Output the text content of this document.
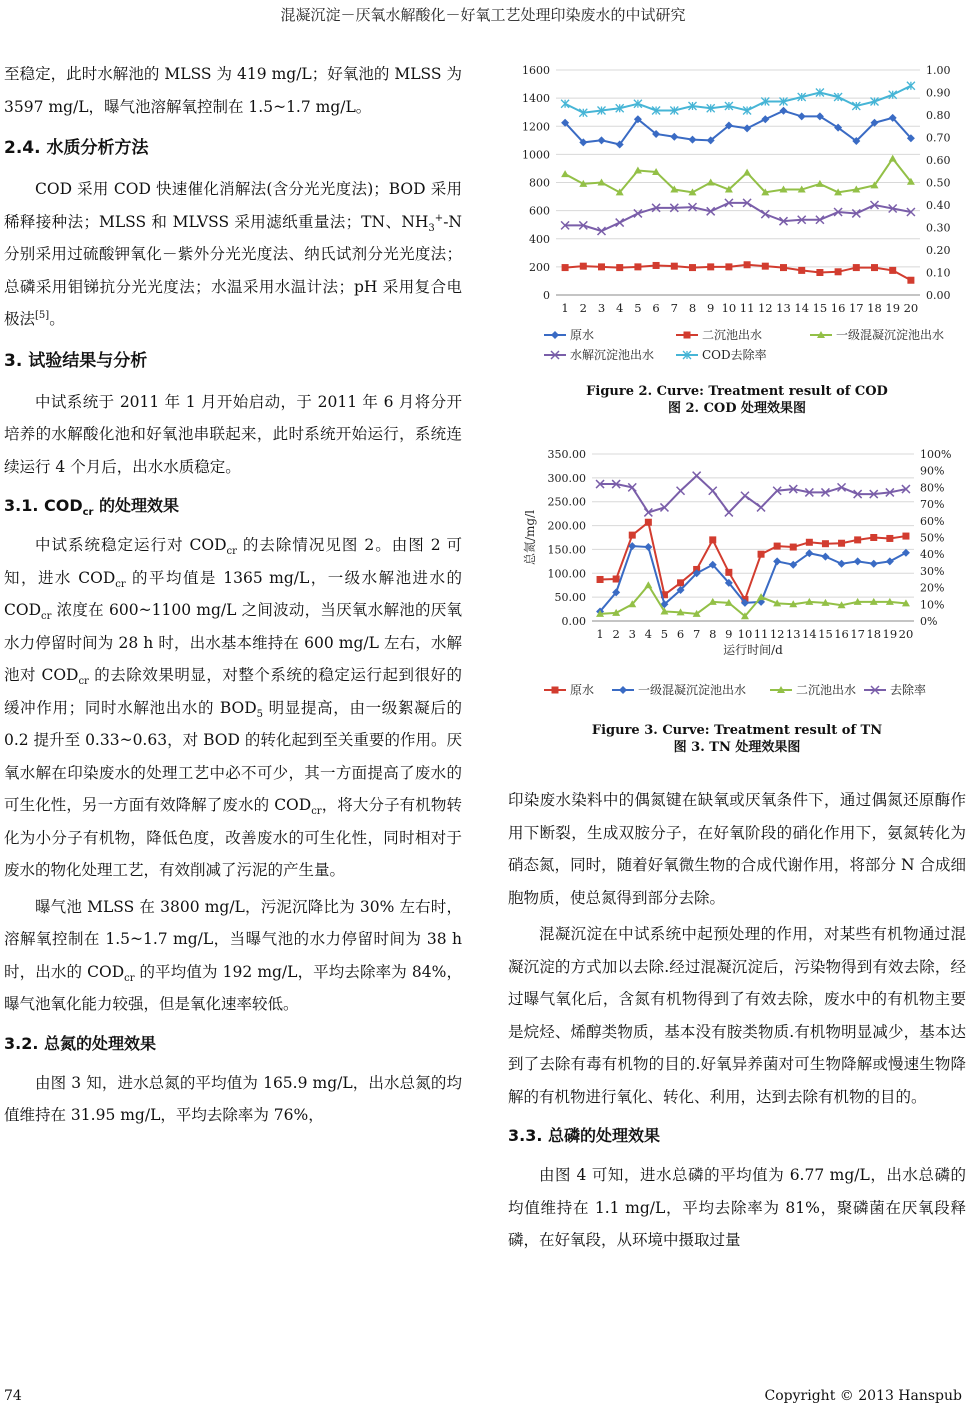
混凝沉淀－厌氧水解酸化－好氧工艺处理印染废水的中试研究

至稳定，此时水解池的 MLSS 为 419 mg/L；好氧池的 MLSS 为 3597 mg/L，曝气池溶解氧控制在 1.5~1.7 mg/L。

2.4. 水质分析方法

COD 采用 COD 快速催化消解法(含分光光度法)；BOD 采用稀释接种法；MLSS 和 MLVSS 采用滤纸重量法；TN、$NH_3^+-N$ 分别采用过硫酸钾氧化－紫外分光光度法、纳氏试剂分光光度法；总磷采用钼锑抗分光光度法；水温采用水温计法；pH 采用复合电极法[5]。

3. 试验结果与分析

中试系统于 2011 年 1 月开始启动，于 2011 年 6 月将分开培养的水解酸化池和好氧池串联起来，此时系统开始运行，系统连续运行 4 个月后，出水水质稳定。

3.1. $COD_{cr}$ 的处理效果

中试系统稳定运行对 $COD_{cr}$ 的去除情况见图 2。由图 2 可知，进水 $COD_{cr}$ 的平均值是 1365 mg/L，一级水解池进水的 $COD_{cr}$ 浓度在 600~1100 mg/L 之间波动，当厌氧水解池的厌氧水力停留时间为 28 h 时，出水基本维持在 600 mg/L 左右，水解池对 $COD_{cr}$ 的去除效果明显，对整个系统的稳定运行起到很好的缓冲作用；同时水解池出水的 $BOD_5$ 明显提高，由一级絮凝后的 0.2 提升至 0.33~0.63，对 BOD 的转化起到至关重要的作用。厌氧水解在印染废水的处理工艺中必不可少，其一方面提高了废水的可生化性，另一方面有效降解了废水的 $COD_{cr}$，将大分子有机物转化为小分子有机物，降低色度，改善废水的可生化性，同时相对于废水的物化处理工艺，有效削减了污泥的产生量。

曝气池 MLSS 在 3800 mg/L，污泥沉降比为 30% 左右时，溶解氧控制在 1.5~1.7 mg/L，当曝气池的水力停留时间为 38 h 时，出水的 $COD_{cr}$ 的平均值为 192 mg/L，平均去除率为 84%，曝气池氧化能力较强，但是氧化速率较低。

3.2. 总氮的处理效果

由图 3 知，进水总氮的平均值为 165.9 mg/L，出水总氮的均值维持在 31.95 mg/L，平均去除率为 76%，

0
200
400
600
800
1000
1200
1400
1600
0.00
0.10
0.20
0.30
0.40
0.50
0.60
0.70
0.80
0.90
1.00
1 2 3 4 5 6 7 8 9 10 11 12 13 14 15 16 17 18 19 20
原水	二沉池出水	一级混凝沉淀池出水
水解沉淀池出水	COD去除率
Figure 2. Curve: Treatment result of COD
图 2. COD 处理效果图
0.00
50.00
100.00
150.00
200.00
250.00
300.00
350.00
0%
10%
20%
30%
40%
50%
60%
70%
80%
90%
100%
1 2 3 4 5 6 7 8 9 10 11 12 13 14 15 16 17 18 19 20
运行时间/d
总氮/mg/l
原水	一级混凝沉淀池出水	二沉池出水	去除率
Figure 3. Curve: Treatment result of TN
图 3. TN 处理效果图

印染废水染料中的偶氮键在缺氧或厌氧条件下，通过偶氮还原酶作用下断裂，生成双胺分子，在好氧阶段的硝化作用下，氨氮转化为硝态氮，同时，随着好氧微生物的合成代谢作用，将部分 N 合成细胞物质，使总氮得到部分去除。

混凝沉淀在中试系统中起预处理的作用，对某些有机物通过混凝沉淀的方式加以去除.经过混凝沉淀后，污染物得到有效去除，经过曝气氧化后，含氮有机物得到了有效去除，废水中的有机物主要是烷烃、烯醇类物质，基本没有胺类物质.有机物明显减少，基本达到了去除有毒有机物的目的.好氧异养菌对可生物降解或慢速生物降解的有机物进行氧化、转化、利用，达到去除有机物的目的。

3.3. 总磷的处理效果

由图 4 可知，进水总磷的平均值为 6.77 mg/L，出水总磷的均值维持在 1.1 mg/L，平均去除率为 81%，聚磷菌在厌氧段释磷，在好氧段，从环境中摄取过量

74	Copyright © 2013 Hanspub
